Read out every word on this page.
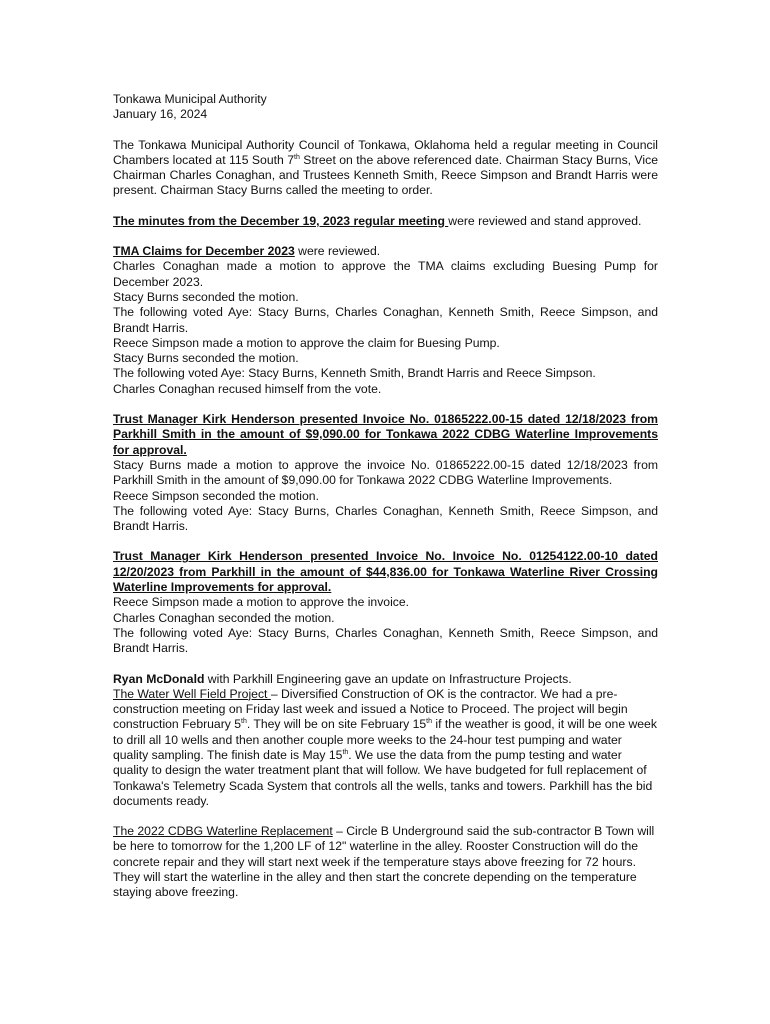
Tonkawa Municipal Authority
January 16, 2024

The Tonkawa Municipal Authority Council of Tonkawa, Oklahoma held a regular meeting in Council Chambers located at 115 South 7th Street on the above referenced date. Chairman Stacy Burns, Vice Chairman Charles Conaghan, and Trustees Kenneth Smith, Reece Simpson and Brandt Harris were present. Chairman Stacy Burns called the meeting to order.

The minutes from the December 19, 2023 regular meeting were reviewed and stand approved.

TMA Claims for December 2023 were reviewed.
Charles Conaghan made a motion to approve the TMA claims excluding Buesing Pump for December 2023.
Stacy Burns seconded the motion.
The following voted Aye: Stacy Burns, Charles Conaghan, Kenneth Smith, Reece Simpson, and Brandt Harris.
Reece Simpson made a motion to approve the claim for Buesing Pump.
Stacy Burns seconded the motion.
The following voted Aye: Stacy Burns, Kenneth Smith, Brandt Harris and Reece Simpson.
Charles Conaghan recused himself from the vote.
Trust Manager Kirk Henderson presented Invoice No. 01865222.00-15 dated 12/18/2023 from Parkhill Smith in the amount of $9,090.00 for Tonkawa 2022 CDBG Waterline Improvements for approval.
Stacy Burns made a motion to approve the invoice No. 01865222.00-15 dated 12/18/2023 from Parkhill Smith in the amount of $9,090.00 for Tonkawa 2022 CDBG Waterline Improvements.
Reece Simpson seconded the motion.
The following voted Aye: Stacy Burns, Charles Conaghan, Kenneth Smith, Reece Simpson, and Brandt Harris.
Trust Manager Kirk Henderson presented Invoice No. Invoice No. 01254122.00-10 dated 12/20/2023 from Parkhill in the amount of $44,836.00 for Tonkawa Waterline River Crossing Waterline Improvements for approval.
Reece Simpson made a motion to approve the invoice.
Charles Conaghan seconded the motion.
The following voted Aye: Stacy Burns, Charles Conaghan, Kenneth Smith, Reece Simpson, and Brandt Harris.
Ryan McDonald with Parkhill Engineering gave an update on Infrastructure Projects.
The Water Well Field Project – Diversified Construction of OK is the contractor. We had a pre-construction meeting on Friday last week and issued a Notice to Proceed. The project will begin construction February 5th. They will be on site February 15th if the weather is good, it will be one week to drill all 10 wells and then another couple more weeks to the 24-hour test pumping and water quality sampling. The finish date is May 15th. We use the data from the pump testing and water quality to design the water treatment plant that will follow. We have budgeted for full replacement of Tonkawa's Telemetry Scada System that controls all the wells, tanks and towers. Parkhill has the bid documents ready.

The 2022 CDBG Waterline Replacement – Circle B Underground said the sub-contractor B Town will be here to tomorrow for the 1,200 LF of 12" waterline in the alley. Rooster Construction will do the concrete repair and they will start next week if the temperature stays above freezing for 72 hours. They will start the waterline in the alley and then start the concrete depending on the temperature staying above freezing.
